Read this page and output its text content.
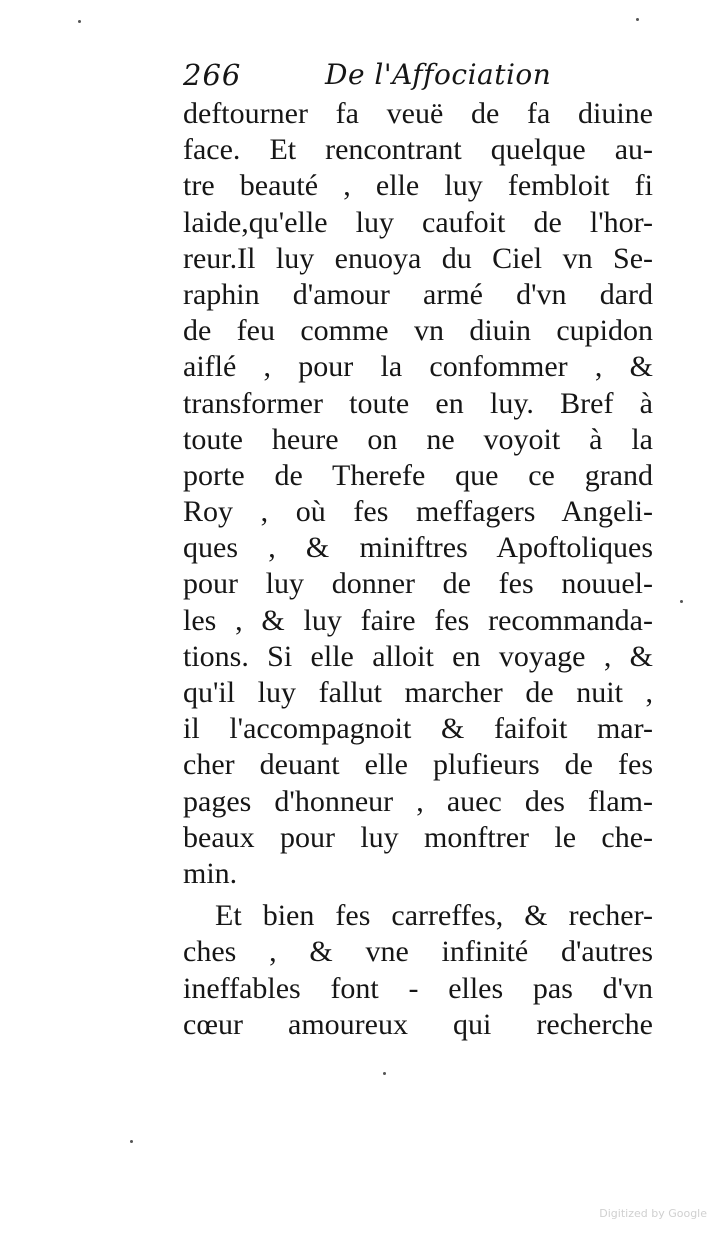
266	De l'Affociation
deftourner fa veuë de fa diuine
face. Et rencontrant quelque au-
tre beauté , elle luy fembloit fi
laide,qu'elle luy caufoit de l'hor-
reur.Il luy enuoya du Ciel vn Se-
raphin d'amour armé d'vn dard
de feu comme vn diuin cupidon
aiflé , pour la confommer , &
transformer toute en luy. Bref à
toute heure on ne voyoit à la
porte de Therefe que ce grand
Roy , où fes meffagers Angeli-
ques , & miniftres Apoftoliques
pour luy donner de fes nouuel-
les , & luy faire fes recommanda-
tions. Si elle alloit en voyage , &
qu'il luy fallut marcher de nuit ,
il l'accompagnoit & faifoit mar-
cher deuant elle plufieurs de fes
pages d'honneur , auec des flam-
beaux pour luy monftrer le che-
min.
Et bien fes carreffes, & recher-
ches , & vne infinité d'autres
ineffables font - elles pas d'vn
cœur amoureux qui recherche
Digitized by Google
